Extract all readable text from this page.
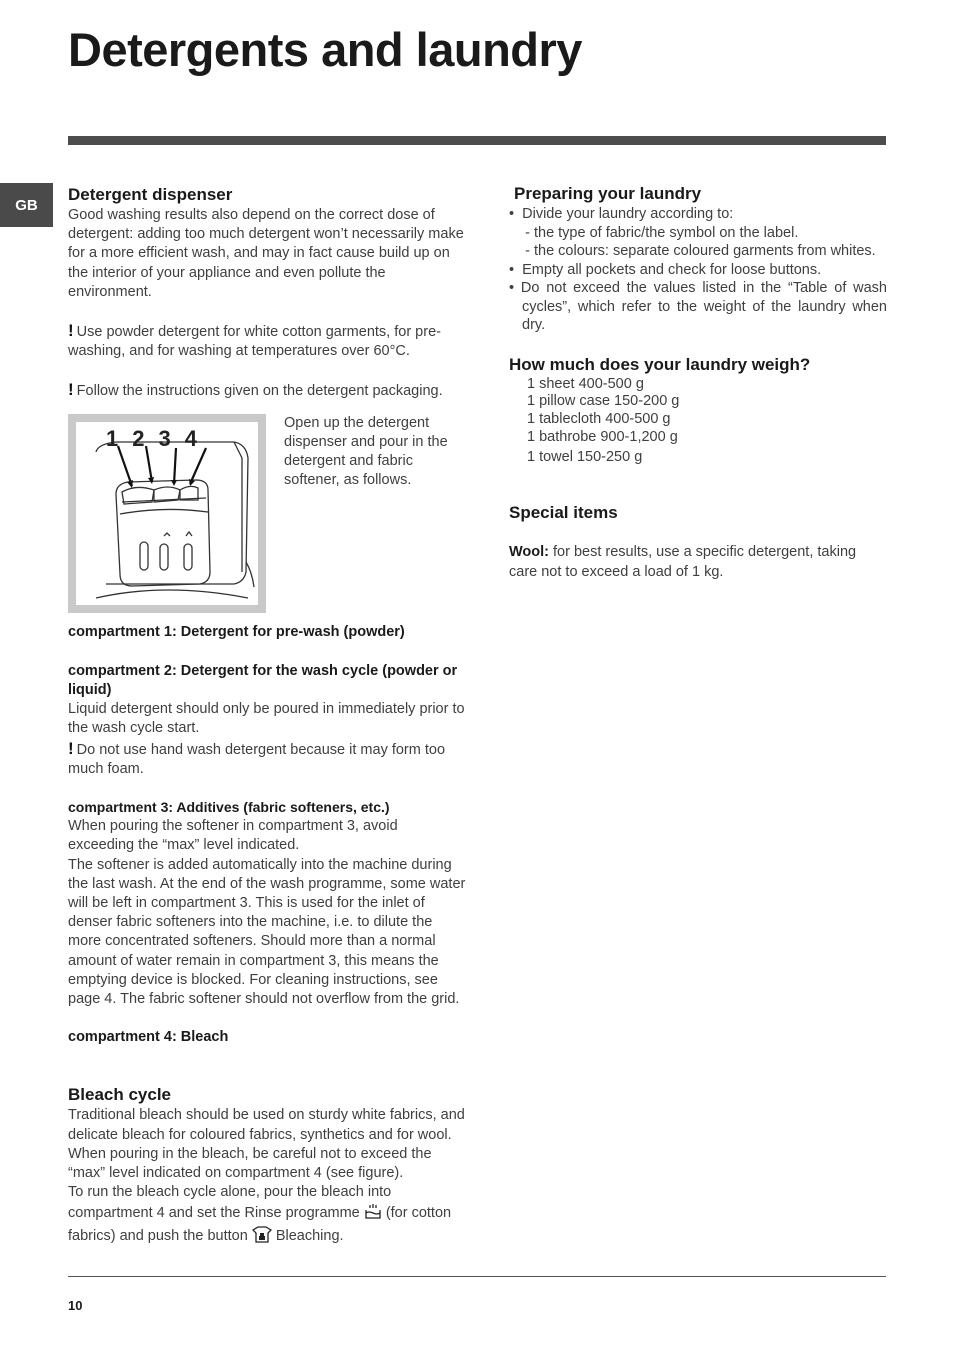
Detergents and laundry
GB
Detergent dispenser

Good washing results also depend on the correct dose of detergent: adding too much detergent won’t necessarily make for a more efficient wash, and may in fact cause build up on the interior of your appliance and even pollute the environment.

! Use powder detergent for white cotton garments, for pre-washing, and for washing at temperatures over 60°C.

! Follow the instructions given on the detergent packaging.

1 2 3 4

Open up the detergent dispenser and pour in the detergent and fabric softener, as follows.

compartment 1: Detergent for pre-wash (powder)

compartment 2: Detergent for the wash cycle (powder or liquid)

Liquid detergent should only be poured in immediately prior to the wash cycle start.

! Do not use hand wash detergent because it may form too much foam.

compartment 3: Additives (fabric softeners, etc.)

When pouring the softener in compartment 3, avoid exceeding the “max” level indicated.

The softener is added automatically into the machine during the last wash. At the end of the wash programme, some water will be left in compartment 3. This is used for the inlet of denser fabric softeners into the machine, i.e. to dilute the more concentrated softeners. Should more than a normal amount of water remain in compartment 3, this means the emptying device is blocked. For cleaning instructions, see page 4. The fabric softener should not overflow from the grid.

compartment 4: Bleach

Bleach cycle

Traditional bleach should be used on sturdy white fabrics, and delicate bleach for coloured fabrics, synthetics and for wool. When pouring in the bleach, be careful not to exceed the “max” level indicated on compartment 4 (see figure).

To run the bleach cycle alone, pour the bleach into compartment 4 and set the Rinse programme (for cotton fabrics) and push the button Bleaching.

Preparing your laundry
•  Divide your laundry according to:
- the type of fabric/the symbol on the label.
- the colours: separate coloured garments from whites.
•  Empty all pockets and check for loose buttons.
• Do not exceed the values listed in the “Table of wash cycles”, which refer to the weight of the laundry when dry.
How much does your laundry weigh?
1 sheet 400-500 g
1 pillow case 150-200 g
1 tablecloth 400-500 g
1 bathrobe 900-1,200 g
1 towel 150-250 g
Special items

Wool: for best results, use a specific detergent, taking care not to exceed a load of 1 kg.

10
